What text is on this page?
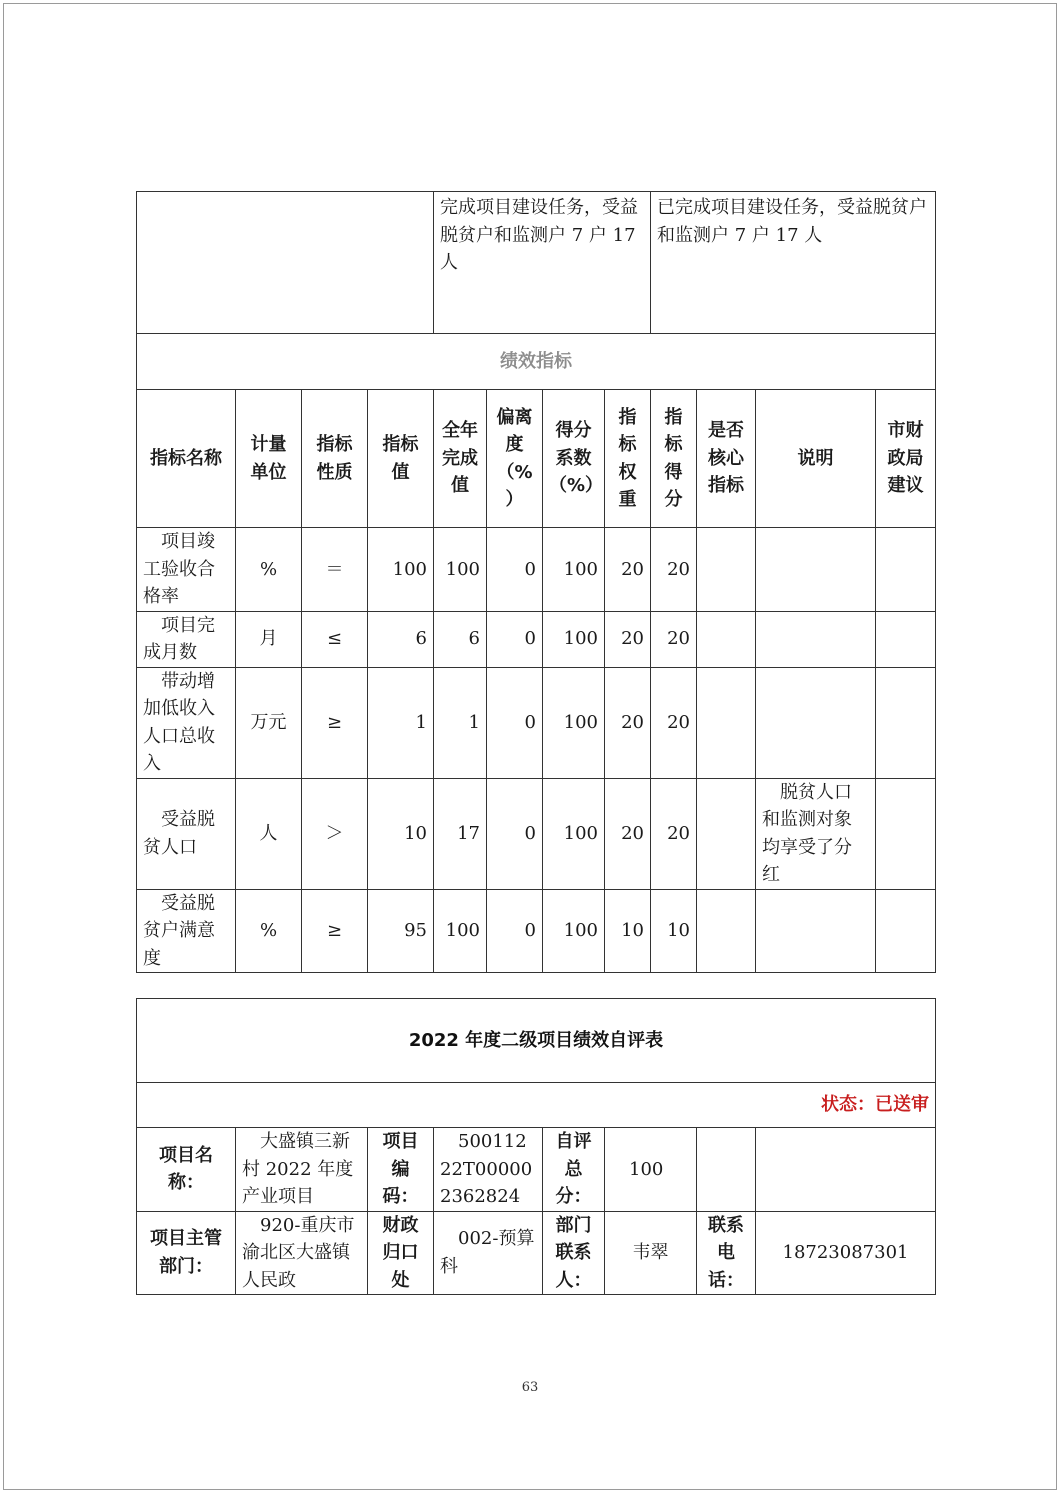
				完成项目建设任务，受益脱贫户和监测户 7 户 17 人				已完成项目建设任务，受益脱贫户和监测户 7 户 17 人			
绩效指标											
指标名称	计量单位	指标性质	指标值	全年完成值	偏离度（%）	得分系数（%）	指标权重	指标得分	是否核心指标	说明	市财政局建议
项目竣工验收合格率	%	＝	100	100	0	100	20	20			
项目完成月数	月	≤	6	6	0	100	20	20			
带动增加低收入人口总收入	万元	≥	1	1	0	100	20	20			
受益脱贫人口	人	＞	10	17	0	100	20	20		脱贫人口和监测对象均享受了分红	
受益脱贫户满意度	%	≥	95	100	0	100	10	10			
2022 年度二级项目绩效自评表							
状态：已送审							
项目名称：	大盛镇三新村 2022 年度产业项目	项目编码：	50011222T000002362824	自评总分：	100		
项目主管部门：	920-重庆市渝北区大盛镇人民政	财政归口处	002-预算科	部门联系人：	韦翠	联系电话：	18723087301
63
